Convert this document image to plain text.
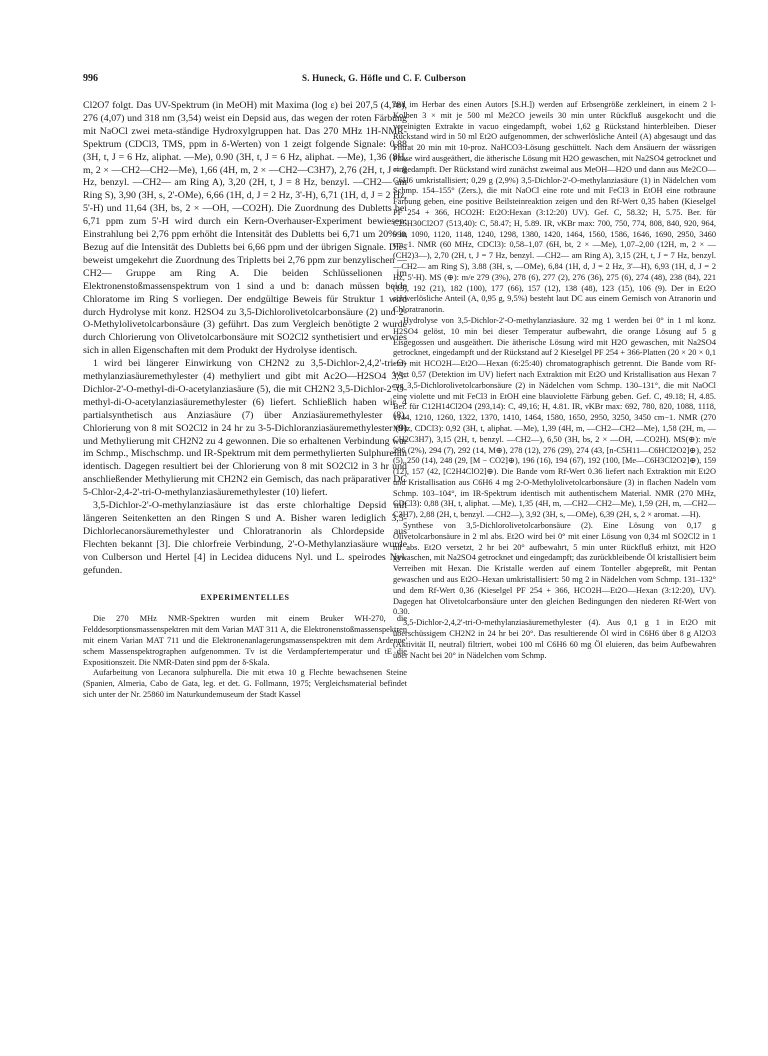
996	S. Huneck, G. Höfle und C. F. Culberson

Cl2O7 folgt. Das UV-Spektrum (in MeOH) mit Maxima (log ε) bei 207,5 (4,78), 276 (4,07) und 318 nm (3,54) weist ein Depsid aus, das wegen der roten Färbung mit NaOCl zwei meta-ständige Hydroxylgruppen hat. Das 270 MHz 1H-NMR-Spektrum (CDCl3, TMS, ppm in δ-Werten) von 1 zeigt folgende Signale: 0,88 (3H, t, J = 6 Hz, aliphat. —Me), 0.90 (3H, t, J = 6 Hz, aliphat. —Me), 1,36 (8H, m, 2 × —CH2—CH2—Me), 1,66 (4H, m, 2 × —CH2—C3H7), 2,76 (2H, t, J = 8 Hz, benzyl. —CH2— am Ring A), 3,20 (2H, t, J = 8 Hz, benzyl. —CH2— am Ring S), 3,90 (3H, s, 2'-OMe), 6,66 (1H, d, J = 2 Hz, 3'-H), 6,71 (1H, d, J = 2 Hz, 5'-H) und 11,64 (3H, bs, 2 × —OH, —CO2H). Die Zuordnung des Dubletts bei 6,71 ppm zum 5'-H wird durch ein Kern-Overhauser-Experiment bewiesen: Einstrahlung bei 2,76 ppm erhöht die Intensität des Dubletts bei 6,71 um 20% in Bezug auf die Intensität des Dubletts bei 6,66 ppm und der übrigen Signale. Dies beweist umgekehrt die Zuordnung des Tripletts bei 2,76 ppm zur benzylischen —CH2— Gruppe am Ring A. Die beiden Schlüsselionen im Elektronenstoßmassenspektrum von 1 sind a und b: danach müssen beide Chloratome im Ring S vorliegen. Der endgültige Beweis für Struktur 1 wird durch Hydrolyse mit konz. H2SO4 zu 3,5-Dichlorolivetolcarbonsäure (2) und 2-O-Methylolivetolcarbonsäure (3) geführt. Das zum Vergleich benötigte 2 wurde durch Chlorierung von Olivetolcarbonsäure mit SO2Cl2 synthetisiert und erwies sich in allen Eigenschaften mit dem Produkt der Hydrolyse identisch.

1 wird bei längerer Einwirkung von CH2N2 zu 3,5-Dichlor-2,4,2'-tri-O-methylanziasäuremethylester (4) methyliert und gibt mit Ac2O—H2SO4 3,5-Dichlor-2'-O-methyl-di-O-acetylanziasäure (5), die mit CH2N2 3,5-Dichlor-2'-O-methyl-di-O-acetylanziasäuremethylester (6) liefert. Schließlich haben wir 4 partialsynthetisch aus Anziasäure (7) über Anziasäuremethylester (8), Chlorierung von 8 mit SO2Cl2 in 24 hr zu 3-5-Dichloranziasäuremethylester (9) und Methylierung mit CH2N2 zu 4 gewonnen. Die so erhaltenen Verbindung war im Schmp., Mischschmp. und IR-Spektrum mit dem permethylierten Sulphurellin identisch. Dagegen resultiert bei der Chlorierung von 8 mit SO2Cl2 in 3 hr und anschließender Methylierung mit CH2N2 ein Gemisch, das nach präparativer DC 5-Chlor-2,4-2'-tri-O-methylanziasäuremethylester (10) liefert.

3,5-Dichlor-2'-O-methylanziasäure ist das erste chlorhaltige Depsid mit längeren Seitenketten an den Ringen S und A. Bisher waren lediglich 3,5-Dichlorlecanorsäuremethylester und Chloratranorin als Chlordepside aus Flechten bekannt [3]. Die chlorfreie Verbindung, 2'-O-Methylanziasäure wurde von Culberson und Hertel [4] in Lecidea diducens Nyl. und L. speirodes Nyl. gefunden.

EXPERIMENTELLES

Die 270 MHz NMR-Spektren wurden mit einem Bruker WH-270, die Felddesorptionsmassenspektren mit dem Varian MAT 311 A, die Elektronenstoßmassenspektren mit einem Varian MAT 711 und die Elektronenanlagerungsmassenspektren mit dem Ardenne' schem Massenspektrographen aufgenommen. Tv ist die Verdampfertemperatur und tE die Expositionszeit. Die NMR-Daten sind ppm der δ-Skala.

Aufarbeitung von Lecanora sulphurella. Die mit etwa 10 g Flechte bewachsenen Steine (Spanien, Almeria, Cabo de Gata, leg. et det. G. Follmann, 1975; Vergleichsmaterial befindet sich unter der Nr. 25860 im Naturkundemuseum der Stadt Kassel

und im Herbar des einen Autors [S.H.]) werden auf Erbsengröße zerkleinert, in einem 2 l-Kolben 3 × mit je 500 ml Me2CO jeweils 30 min unter Rückfluß ausgekocht und die vereinigten Extrakte in vacuo eingedampft, wobei 1,62 g Rückstand hinterbleiben. Dieser Rückstand wird in 50 ml Et2O aufgenommen, der schwerlösliche Anteil (A) abgesaugt und das Filtrat 20 min mit 10-proz. NaHCO3-Lösung geschüttelt. Nach dem Ansäuern der wässrigen Phase wird ausgeäthert, die ätherische Lösung mit H2O gewaschen, mit Na2SO4 getrocknet und eingedampft. Der Rückstand wird zunächst zweimal aus MeOH—H2O und dann aus Me2CO—C6H6 umkristallisiert; 0,29 g (2,9%) 3,5-Dichlor-2'-O-methylanziasäure (1) in Nädelchen vom Schmp. 154–155° (Zers.), die mit NaOCl eine rote und mit FeCl3 in EtOH eine rotbraune Färbung geben, eine positive Beilsteinreaktion zeigen und den Rf-Wert 0,35 haben (Kieselgel PF 254 + 366, HCO2H: Et2O:Hexan (3:12:20) UV). Gef. C, 58.32; H, 5.75. Ber. für C25H30Cl2O7 (513,40): C, 58.47; H, 5.89. IR, νKBr max: 700, 750, 774, 808, 840, 920, 964, 990, 1090, 1120, 1148, 1240, 1298, 1380, 1420, 1464, 1560, 1586, 1646, 1690, 2950, 3460 cm−1. NMR (60 MHz, CDCl3): 0,58–1,07 (6H, bt, 2 × —Me), 1,07–2,00 (12H, m, 2 × —(CH2)3—), 2,70 (2H, t, J = 7 Hz, benzyl. —CH2— am Ring A), 3,15 (2H, t, J = 7 Hz, benzyl. —CH2— am Ring S), 3.88 (3H, s, —OMe), 6,84 (1H, d, J = 2 Hz, 3'—H), 6,93 (1H, d, J = 2 Hz, 5'-H). MS (⊕): m/e 279 (3%), 278 (6), 277 (2), 276 (36), 275 (6), 274 (48), 238 (84), 221 (15), 192 (21), 182 (100), 177 (66), 157 (12), 138 (48), 123 (15), 106 (9). Der in Et2O schwerlösliche Anteil (A, 0,95 g, 9,5%) besteht laut DC aus einem Gemisch von Atranorin und Chloratranorin.

Hydrolyse von 3,5-Dichlor-2'-O-methylanziasäure. 32 mg 1 werden bei 0° in 1 ml konz. H2SO4 gelöst, 10 min bei dieser Temperatur aufbewahrt, die orange Lösung auf 5 g Eisgegossen und ausgeäthert. Die ätherische Lösung wird mit H2O gewaschen, mit Na2SO4 getrocknet, eingedampft und der Rückstand auf 2 Kieselgel PF 254 + 366-Platten (20 × 20 × 0,1 cm) mit HCO2H—Et2O—Hexan (6:25:40) chromatographisch getrennt. Die Bande vom Rf-Wert 0,57 (Detektion im UV) liefert nach Extraktion mit Et2O und Kristallisation aus Hexan 7 mg 3,5-Dichlorolivetolcarbonsäure (2) in Nädelchen vom Schmp. 130–131°, die mit NaOCl eine violette und mit FeCl3 in EtOH eine blauviolette Färbung geben. Gef. C, 49.18; H, 4.85. Ber. für C12H14Cl2O4 (293,14): C, 49,16; H, 4.81. IR, νKBr max: 692, 780, 820, 1088, 1118, 1144, 1210, 1260, 1322, 1370, 1410, 1464, 1580, 1650, 2950, 3250, 3450 cm−1. NMR (270 MHz, CDCl3): 0,92 (3H, t, aliphat. —Me), 1,39 (4H, m, —CH2—CH2—Me), 1,58 (2H, m, —CH2C3H7), 3,15 (2H, t, benzyl. —CH2—), 6,50 (3H, bs, 2 × —OH, —CO2H). MS(⊕): m/e 296 (2%), 294 (7), 292 (14, M⊕), 278 (12), 276 (29), 274 (43, [n-C5H11—C6HCl2O2]⊕), 252 (5), 250 (14), 248 (29, [M − CO2]⊕), 196 (16), 194 (67), 192 (100, [Me—C6H3Cl2O2]⊕), 159 (12), 157 (42, [C2H4ClO2]⊕). Die Bande vom Rf-Wert 0.36 liefert nach Extraktion mit Et2O und Kristallisation aus C6H6 4 mg 2-O-Methylolivetolcarbonsäure (3) in flachen Nadeln vom Schmp. 103–104°, im IR-Spektrum identisch mit authentischem Material. NMR (270 MHz, CDCl3): 0,88 (3H, t, aliphat. —Me), 1,35 (4H, m, —CH2—CH2—Me), 1,59 (2H, m, —CH2—C3H7), 2,88 (2H, t, benzyl. —CH2—), 3,92 (3H, s, —OMe), 6,39 (2H, s, 2 × aromat. —H).

Synthese von 3,5-Dichlorolivetolcarbonsäure (2). Eine Lösung von 0,17 g Olivetolcarbonsäure in 2 ml abs. Et2O wird bei 0° mit einer Lösung von 0,34 ml SO2Cl2 in 1 ml abs. Et2O versetzt, 2 hr bei 20° aufbewahrt, 5 min unter Rückfluß erhitzt, mit H2O gewaschen, mit Na2SO4 getrocknet und eingedampft; das zurückbleibende Öl kristallisiert beim Verreiben mit Hexan. Die Kristalle werden auf einem Tonteller abgepreßt, mit Pentan gewaschen und aus Et2O–Hexan umkristallisiert: 50 mg 2 in Nädelchen vom Schmp. 131–132° und dem Rf-Wert 0,36 (Kieselgel PF 254 + 366, HCO2H—Et2O—Hexan (3:12:20), UV). Dagegen hat Olivetolcarbonsäure unter den gleichen Bedingungen den niederen Rf-Wert von 0.30.

3,5-Dichlor-2,4,2'-tri-O-methylanziasäuremethylester (4). Aus 0,1 g 1 in Et2O mit überschüssigem CH2N2 in 24 hr bei 20°. Das resultierende Öl wird in C6H6 über 8 g Al2O3 (Aktivität II, neutral) filtriert, wobei 100 ml C6H6 60 mg Öl eluieren, das beim Aufbewahren über Nacht bei 20° in Nädelchen vom Schmp.
